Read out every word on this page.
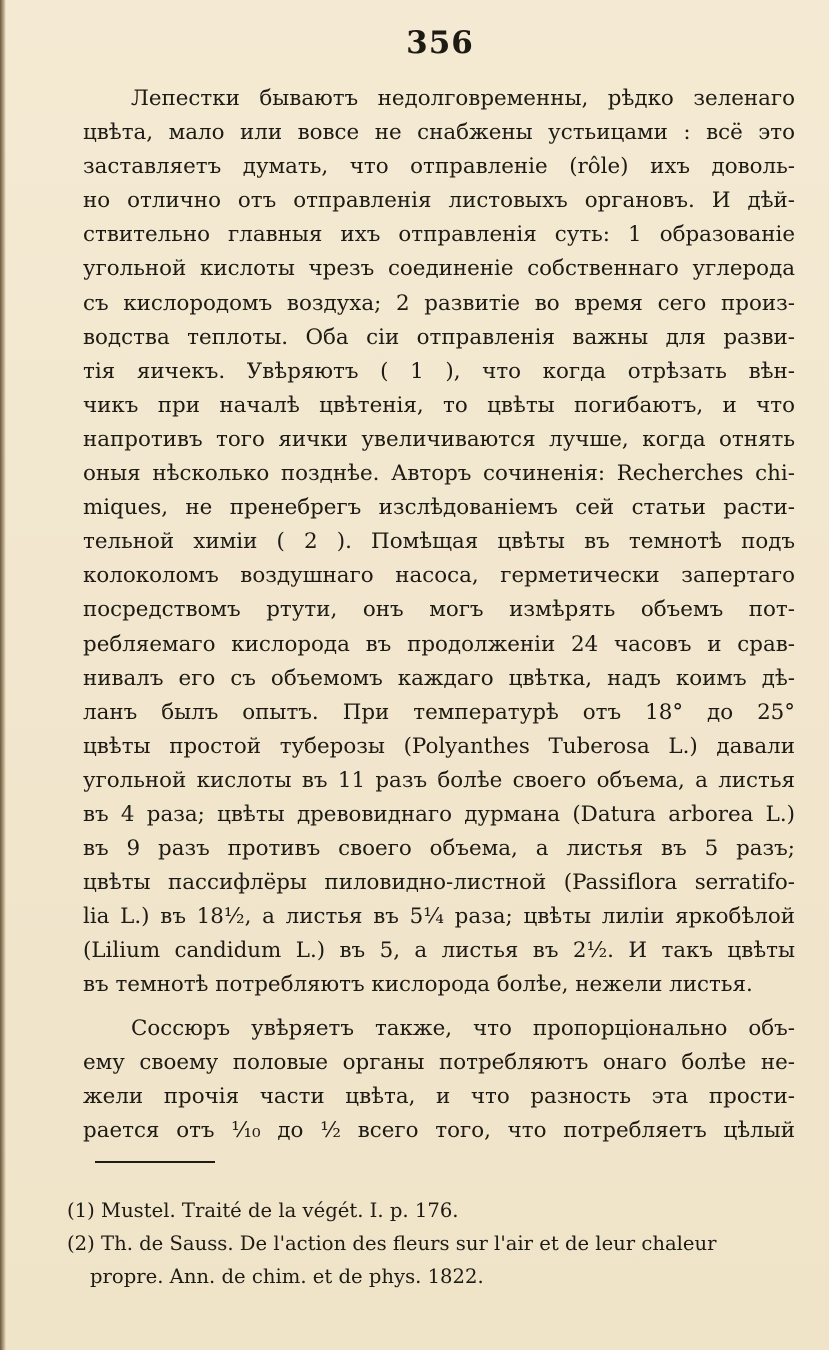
356
Лепестки бываютъ недолговременны, рѣдко зеленаго
цвѣта, мало или вовсе не снабжены устьицами : всё это
заставляетъ думать, что отправленіе (rôle) ихъ доволь-
но отлично отъ отправленія листовыхъ органовъ. И дѣй-
ствительно главныя ихъ отправленія суть: 1 образованіе
угольной кислоты чрезъ соединеніе собственнаго углерода
съ кислородомъ воздуха; 2 развитіе во время сего произ-
водства теплоты. Оба сіи отправленія важны для разви-
тія яичекъ. Увѣряютъ ( 1 ), что когда отрѣзать вѣн-
чикъ при началѣ цвѣтенія, то цвѣты погибаютъ, и что
напротивъ того яички увеличиваются лучше, когда отнять
оныя нѣсколько позднѣе. Авторъ сочиненія: Recherches chi-
miques, не пренебрегъ изслѣдованіемъ сей статьи расти-
тельной химіи ( 2 ). Помѣщая цвѣты въ темнотѣ подъ
колоколомъ воздушнаго насоса, герметически запертаго
посредствомъ ртути, онъ могъ измѣрять объемъ пот-
ребляемаго кислорода въ продолженіи 24 часовъ и срав-
нивалъ его съ объемомъ каждаго цвѣтка, надъ коимъ дѣ-
ланъ былъ опытъ. При температурѣ отъ 18° до 25°
цвѣты простой туберозы (Polyanthes Tuberosa L.) давали
угольной кислоты въ 11 разъ болѣе своего объема, а листья
въ 4 раза; цвѣты древовиднаго дурмана (Datura arborea L.)
въ 9 разъ противъ своего объема, а листья въ 5 разъ;
цвѣты пассифлёры пиловидно-листной (Passiflora serratifo-
lia L.) въ 18½, а листья въ 5¼ раза; цвѣты лиліи яркобѣлой
(Lilium candidum L.) въ 5, а листья въ 2½. И такъ цвѣты
въ темнотѣ потребляютъ кислорода болѣе, нежели листья.
Соссюръ увѣряетъ также, что пропорціонально объ-
ему своему половые органы потребляютъ онаго болѣе не-
жели прочія части цвѣта, и что разность эта прости-
рается отъ ¹⁄₁₀ до ½ всего того, что потребляетъ цѣлый
(1) Mustel. Traité de la végét. I. p. 176.
(2) Th. de Sauss. De l'action des fleurs sur l'air et de leur chaleur
propre. Ann. de chim. et de phys. 1822.
